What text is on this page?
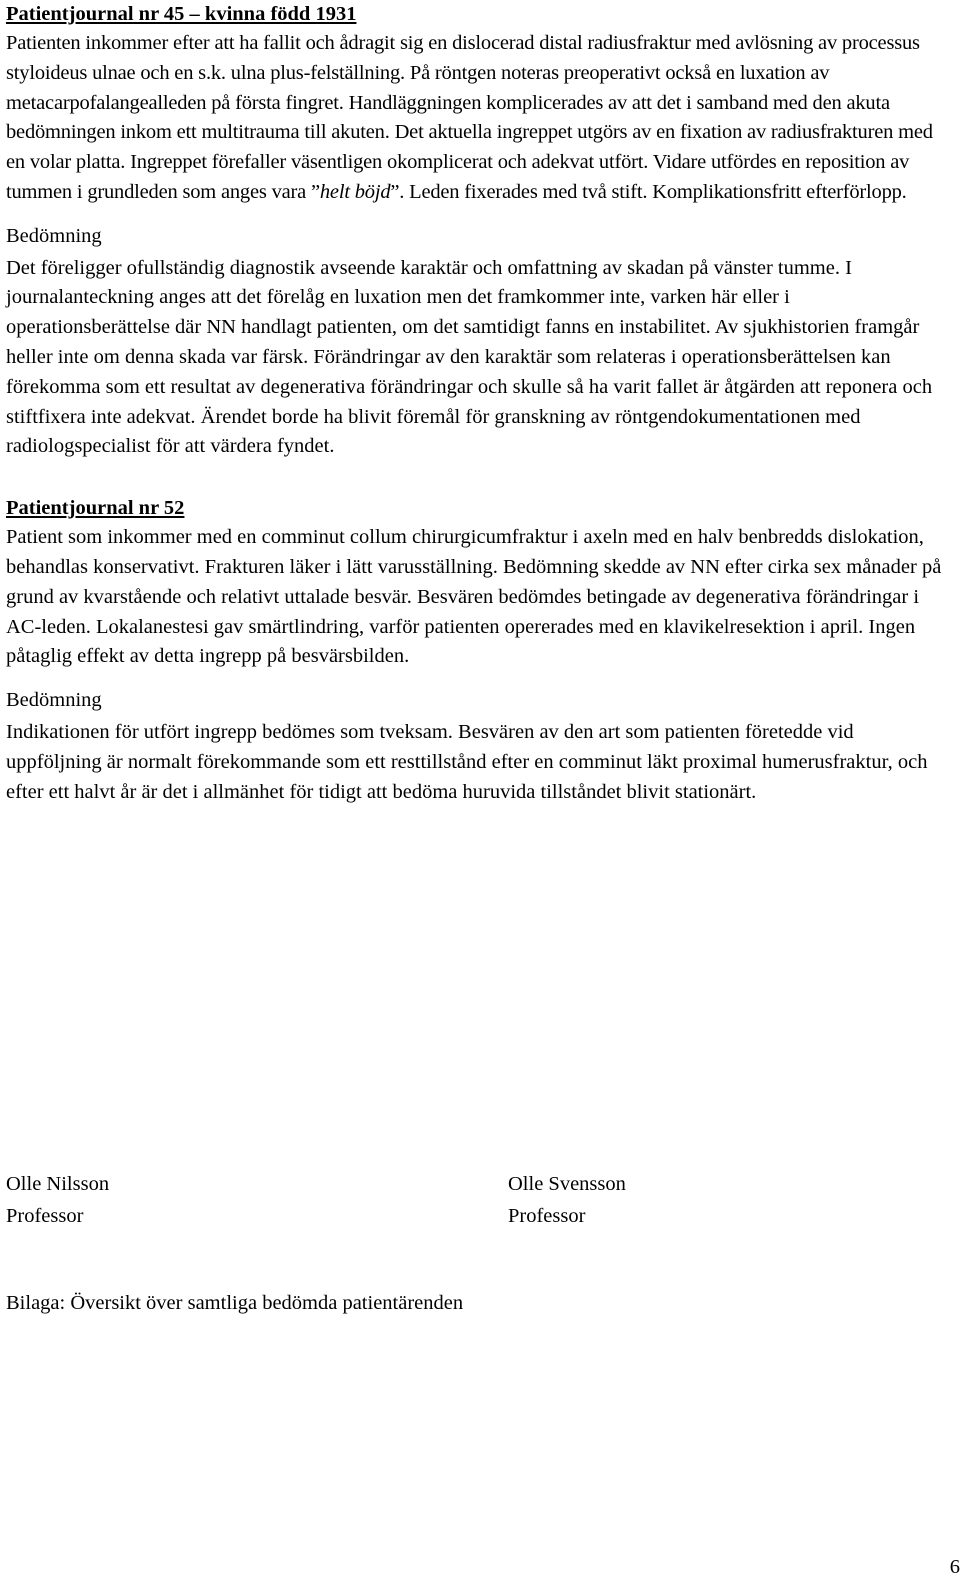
Patientjournal nr 45 – kvinna född 1931

Patienten inkommer efter att ha fallit och ådragit sig en dislocerad distal radiusfraktur med avlösning av processus styloideus ulnae och en s.k. ulna plus-felställning. På röntgen noteras preoperativt också en luxation av metacarpofalangealleden på första fingret. Handläggningen komplicerades av att det i samband med den akuta bedömningen inkom ett multitrauma till akuten. Det aktuella ingreppet utgörs av en fixation av radiusfrakturen med en volar platta. Ingreppet förefaller väsentligen okomplicerat och adekvat utfört. Vidare utfördes en reposition av tummen i grundleden som anges vara ”helt böjd”. Leden fixerades med två stift. Komplikationsfritt efterförlopp.

Bedömning

Det föreligger ofullständig diagnostik avseende karaktär och omfattning av skadan på vänster tumme. I journalanteckning anges att det förelåg en luxation men det framkommer inte, varken här eller i operationsberättelse där NN handlagt patienten, om det samtidigt fanns en instabilitet. Av sjukhistorien framgår heller inte om denna skada var färsk. Förändringar av den karaktär som relateras i operationsberättelsen kan förekomma som ett resultat av degenerativa förändringar och skulle så ha varit fallet är åtgärden att reponera och stiftfixera inte adekvat. Ärendet borde ha blivit föremål för granskning av röntgendokumentationen med radiologspecialist för att värdera fyndet.

Patientjournal nr 52

Patient som inkommer med en comminut collum chirurgicumfraktur i axeln med en halv benbredds dislokation, behandlas konservativt. Frakturen läker i lätt varusställning. Bedömning skedde av NN efter cirka sex månader på grund av kvarstående och relativt uttalade besvär. Besvären bedömdes betingade av degenerativa förändringar i AC-leden. Lokalanestesi gav smärtlindring, varför patienten opererades med en klavikelresektion i april. Ingen påtaglig effekt av detta ingrepp på besvärsbilden.

Bedömning

Indikationen för utfört ingrepp bedömes som tveksam. Besvären av den art som patienten företedde vid uppföljning är normalt förekommande som ett resttillstånd efter en comminut läkt proximal humerusfraktur, och efter ett halvt år är det i allmänhet för tidigt att bedöma huruvida tillståndet blivit stationärt.

Olle Nilsson
Professor
Olle Svensson
Professor
Bilaga: Översikt över samtliga bedömda patientärenden
6
